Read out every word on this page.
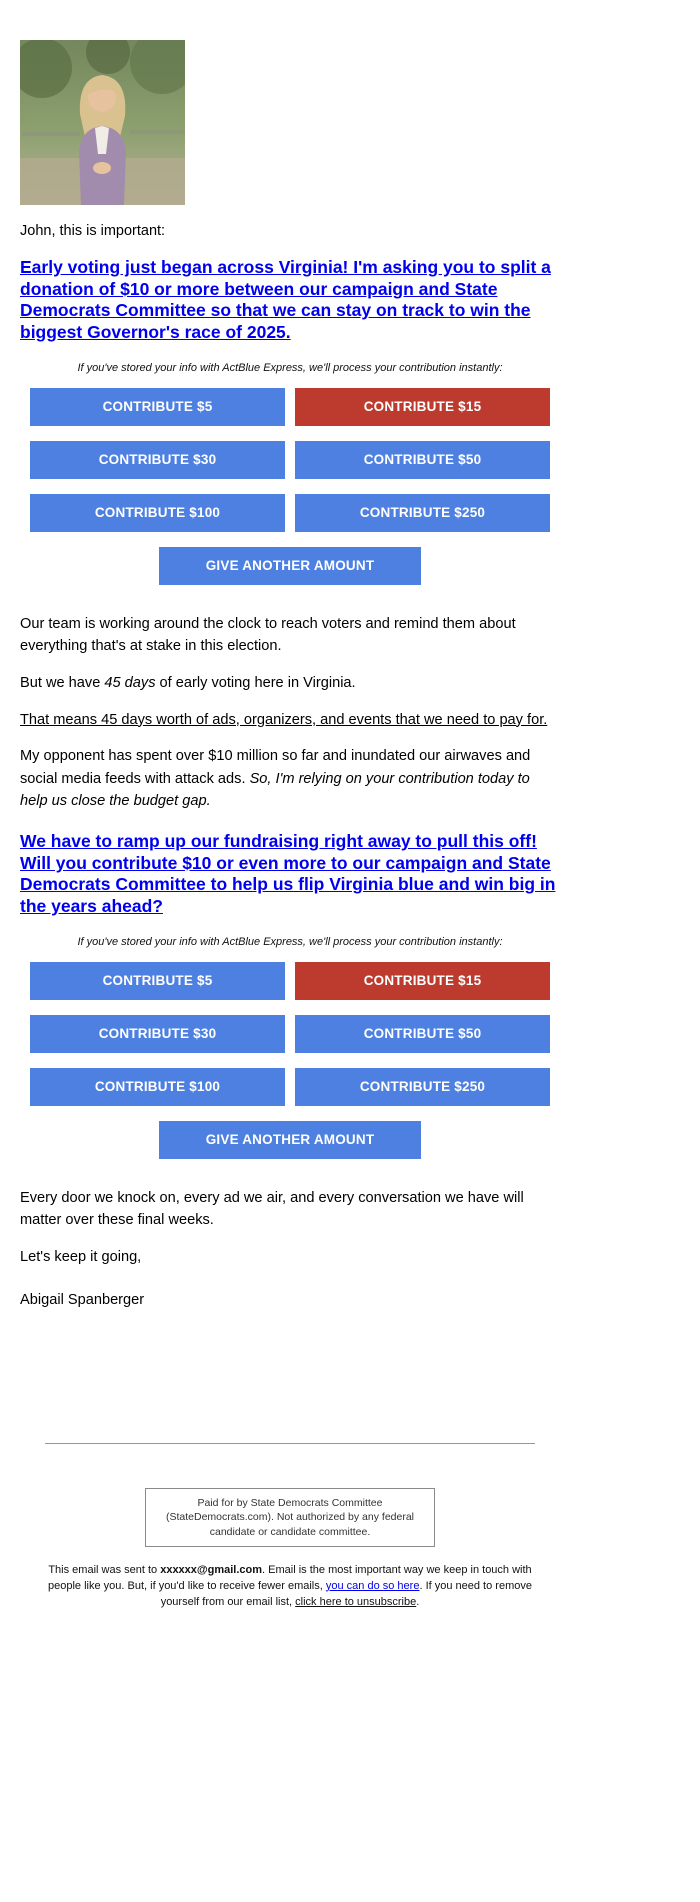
John, this is important:

Early voting just began across Virginia! I'm asking you to split a donation of $10 or more between our campaign and State Democrats Committee so that we can stay on track to win the biggest Governor's race of 2025.
If you've stored your info with ActBlue Express, we'll process your contribution instantly:
CONTRIBUTE $5	CONTRIBUTE $15
CONTRIBUTE $30	CONTRIBUTE $50
CONTRIBUTE $100	CONTRIBUTE $250
GIVE ANOTHER AMOUNT

Our team is working around the clock to reach voters and remind them about everything that's at stake in this election.

But we have 45 days of early voting here in Virginia.

That means 45 days worth of ads, organizers, and events that we need to pay for.

My opponent has spent over $10 million so far and inundated our airwaves and social media feeds with attack ads. So, I'm relying on your contribution today to help us close the budget gap.

We have to ramp up our fundraising right away to pull this off! Will you contribute $10 or even more to our campaign and State Democrats Committee to help us flip Virginia blue and win big in the years ahead?
If you've stored your info with ActBlue Express, we'll process your contribution instantly:
CONTRIBUTE $5	CONTRIBUTE $15
CONTRIBUTE $30	CONTRIBUTE $50
CONTRIBUTE $100	CONTRIBUTE $250
GIVE ANOTHER AMOUNT

Every door we knock on, every ad we air, and every conversation we have will matter over these final weeks.

Let's keep it going,

Abigail Spanberger

Paid for by State Democrats Committee (StateDemocrats.com). Not authorized by any federal candidate or candidate committee.

This email was sent to xxxxxx@gmail.com. Email is the most important way we keep in touch with people like you. But, if you'd like to receive fewer emails, you can do so here. If you need to remove yourself from our email list, click here to unsubscribe.
